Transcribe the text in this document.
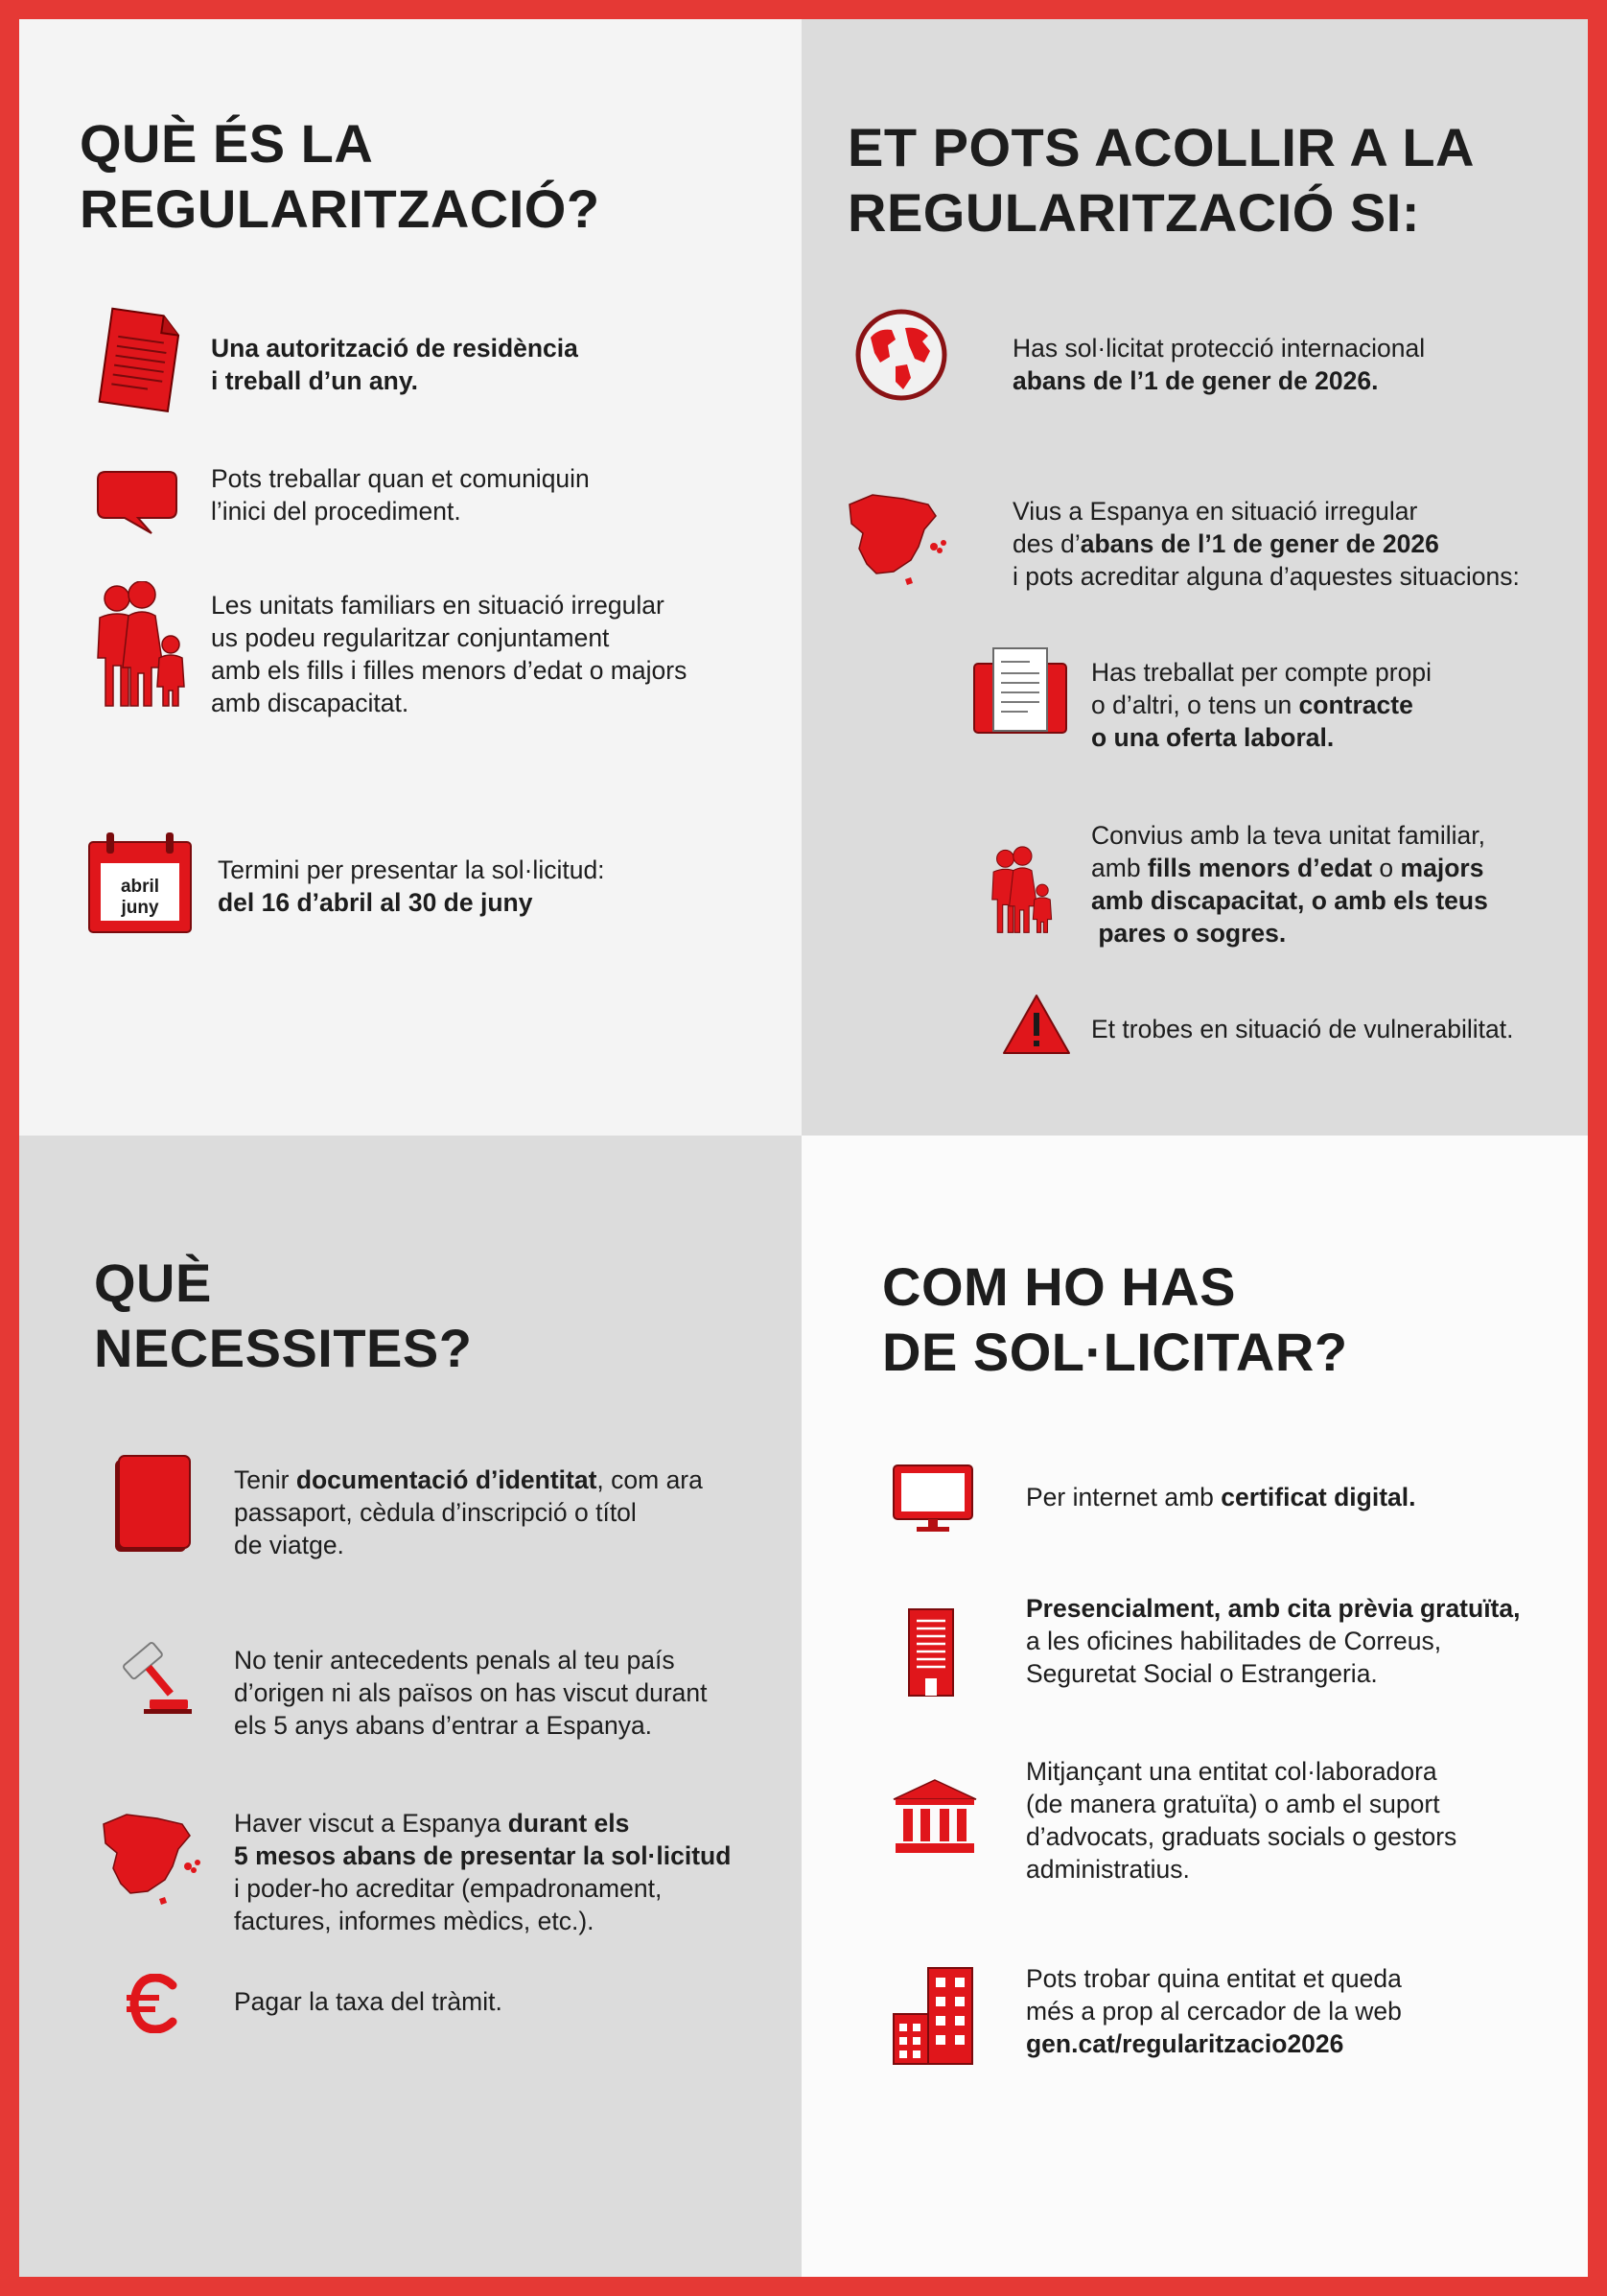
QUÈ ÉS LA
REGULARITZACIÓ?
Una autorització de residència
i treball d’un any.
Pots treballar quan et comuniquin
l’inici del procediment.
Les unitats familiars en situació irregular
us podeu regularitzar conjuntament
amb els fills i filles menors d’edat o majors
amb discapacitat.
abril
juny
Termini per presentar la sol·licitud:
del 16 d’abril al 30 de juny
ET POTS ACOLLIR A LA
REGULARITZACIÓ SI:
Has sol·licitat protecció internacional
abans de l’1 de gener de 2026.
Vius a Espanya en situació irregular
des d’abans de l’1 de gener de 2026
i pots acreditar alguna d’aquestes situacions:
Has treballat per compte propi
o d’altri, o tens un contracte
o una oferta laboral.
Convius amb la teva unitat familiar,
amb fills menors d’edat o majors
amb discapacitat, o amb els teus
pares o sogres.
Et trobes en situació de vulnerabilitat.
QUÈ
NECESSITES?
Tenir documentació d’identitat, com ara
passaport, cèdula d’inscripció o títol
de viatge.
No tenir antecedents penals al teu país
d’origen ni als països on has viscut durant
els 5 anys abans d’entrar a Espanya.
Haver viscut a Espanya durant els
5 mesos abans de presentar la sol·licitud
i poder-ho acreditar (empadronament,
factures, informes mèdics, etc.).
Pagar la taxa del tràmit.
COM HO HAS
DE SOL·LICITAR?
Per internet amb certificat digital.
Presencialment, amb cita prèvia gratuïta,
a les oficines habilitades de Correus,
Seguretat Social o Estrangeria.
Mitjançant una entitat col·laboradora
(de manera gratuïta) o amb el suport
d’advocats, graduats socials o gestors
administratius.
Pots trobar quina entitat et queda
més a prop al cercador de la web
gen.cat/regularitzacio2026
